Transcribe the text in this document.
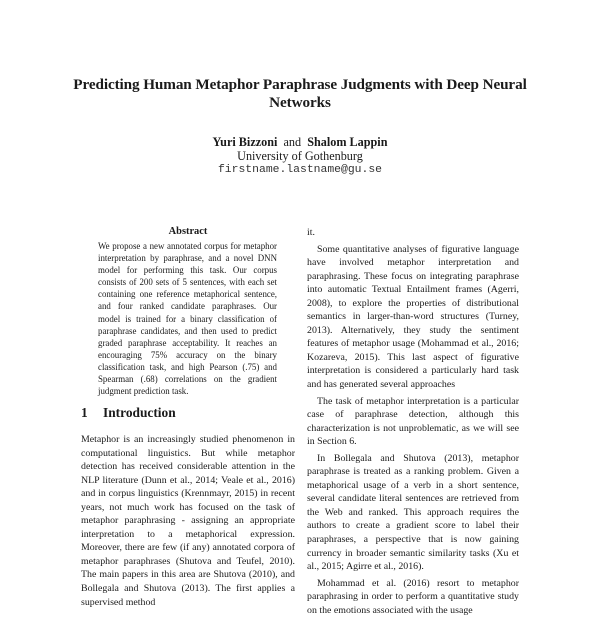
Predicting Human Metaphor Paraphrase Judgments with Deep Neural Networks
Yuri Bizzoni and Shalom Lappin
University of Gothenburg
firstname.lastname@gu.se
Abstract

We propose a new annotated corpus for metaphor interpretation by paraphrase, and a novel DNN model for performing this task. Our corpus consists of 200 sets of 5 sentences, with each set containing one reference metaphorical sentence, and four ranked candidate paraphrases. Our model is trained for a binary classification of paraphrase candidates, and then used to predict graded paraphrase acceptability. It reaches an encouraging 75% accuracy on the binary classification task, and high Pearson (.75) and Spearman (.68) correlations on the gradient judgment prediction task.

1 Introduction

Metaphor is an increasingly studied phenomenon in computational linguistics. But while metaphor detection has received considerable attention in the NLP literature (Dunn et al., 2014; Veale et al., 2016) and in corpus linguistics (Krennmayr, 2015) in recent years, not much work has focused on the task of metaphor paraphrasing - assigning an appropriate interpretation to a metaphorical expression. Moreover, there are few (if any) annotated corpora of metaphor paraphrases (Shutova and Teufel, 2010). The main papers in this area are Shutova (2010), and Bollegala and Shutova (2013). The first applies a supervised method

it.

Some quantitative analyses of figurative language have involved metaphor interpretation and paraphrasing. These focus on integrating paraphrase into automatic Textual Entailment frames (Agerri, 2008), to explore the properties of distributional semantics in larger-than-word structures (Turney, 2013). Alternatively, they study the sentiment features of metaphor usage (Mohammad et al., 2016; Kozareva, 2015). This last aspect of figurative interpretation is considered a particularly hard task and has generated several approaches

The task of metaphor interpretation is a particular case of paraphrase detection, although this characterization is not unproblematic, as we will see in Section 6.

In Bollegala and Shutova (2013), metaphor paraphrase is treated as a ranking problem. Given a metaphorical usage of a verb in a short sentence, several candidate literal sentences are retrieved from the Web and ranked. This approach requires the authors to create a gradient score to label their paraphrases, a perspective that is now gaining currency in broader semantic similarity tasks (Xu et al., 2015; Agirre et al., 2016).

Mohammad et al. (2016) resort to metaphor paraphrasing in order to perform a quantitative study on the emotions associated with the usage
